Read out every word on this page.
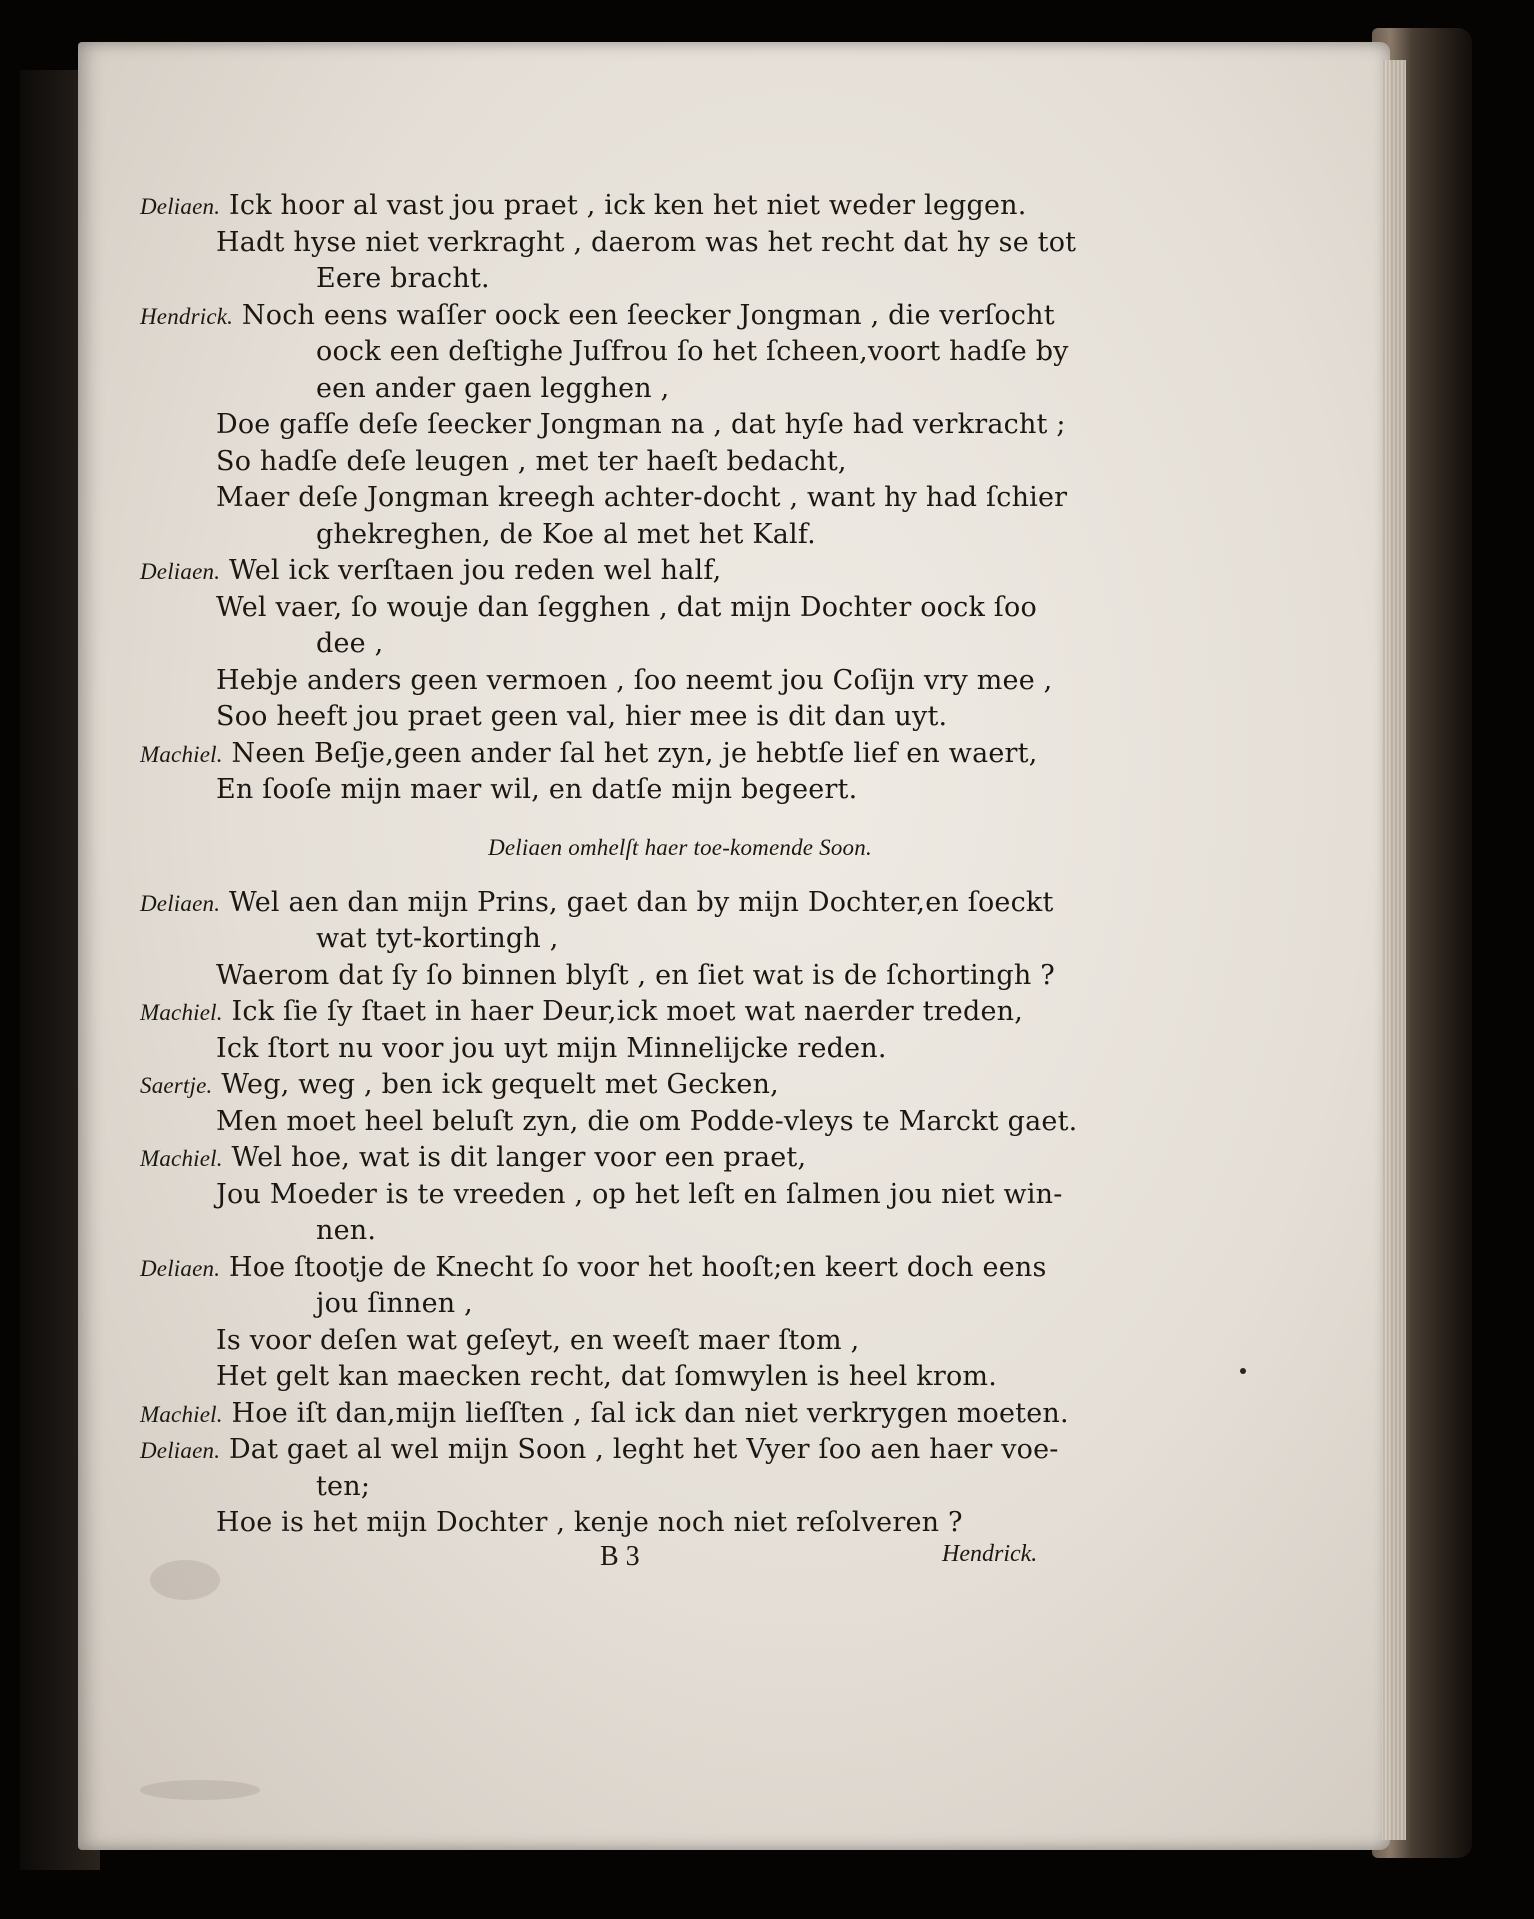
Deliaen. Ick hoor al vast jou praet , ick ken het niet weder leggen.
Hadt hyse niet verkraght , daerom was het recht dat hy se tot
Eere bracht.
Hendrick. Noch eens waſſer oock een ſeecker Jongman , die verſocht
oock een deſtighe Juſfrou ſo het ſcheen,voort hadſe by
een ander gaen legghen ,
Doe gafſe deſe ſeecker Jongman na , dat hyſe had verkracht ;
So hadſe deſe leugen , met ter haeſt bedacht,
Maer deſe Jongman kreegh achter-docht , want hy had ſchier
ghekreghen, de Koe al met het Kalf.
Deliaen. Wel ick verſtaen jou reden wel half,
Wel vaer, ſo wouje dan ſegghen , dat mijn Dochter oock ſoo
dee ,
Hebje anders geen vermoen , ſoo neemt jou Coſijn vry mee ,
Soo heeft jou praet geen val, hier mee is dit dan uyt.
Machiel. Neen Beſje,geen ander ſal het zyn, je hebtſe lief en waert,
En ſooſe mijn maer wil, en datſe mijn begeert.
Deliaen omhelſt haer toe-komende Soon.
Deliaen. Wel aen dan mijn Prins, gaet dan by mijn Dochter,en ſoeckt
wat tyt-kortingh ,
Waerom dat ſy ſo binnen blyſt , en ſiet wat is de ſchortingh ?
Machiel. Ick ſie ſy ſtaet in haer Deur,ick moet wat naerder treden,
Ick ſtort nu voor jou uyt mijn Minnelijcke reden.
Saertje. Weg, weg , ben ick gequelt met Gecken,
Men moet heel beluſt zyn, die om Podde-vleys te Marckt gaet.
Machiel. Wel hoe, wat is dit langer voor een praet,
Jou Moeder is te vreeden , op het leſt en ſalmen jou niet win-
nen.
Deliaen. Hoe ſtootje de Knecht ſo voor het hooſt;en keert doch eens
jou ſinnen ,
Is voor deſen wat geſeyt, en weeſt maer ſtom ,
Het gelt kan maecken recht, dat ſomwylen is heel krom.
Machiel. Hoe iſt dan,mijn lieſſten , ſal ick dan niet verkrygen moeten.
Deliaen. Dat gaet al wel mijn Soon , leght het Vyer ſoo aen haer voe-
ten;
Hoe is het mijn Dochter , kenje noch niet reſolveren ?
B 3	Hendrick.
